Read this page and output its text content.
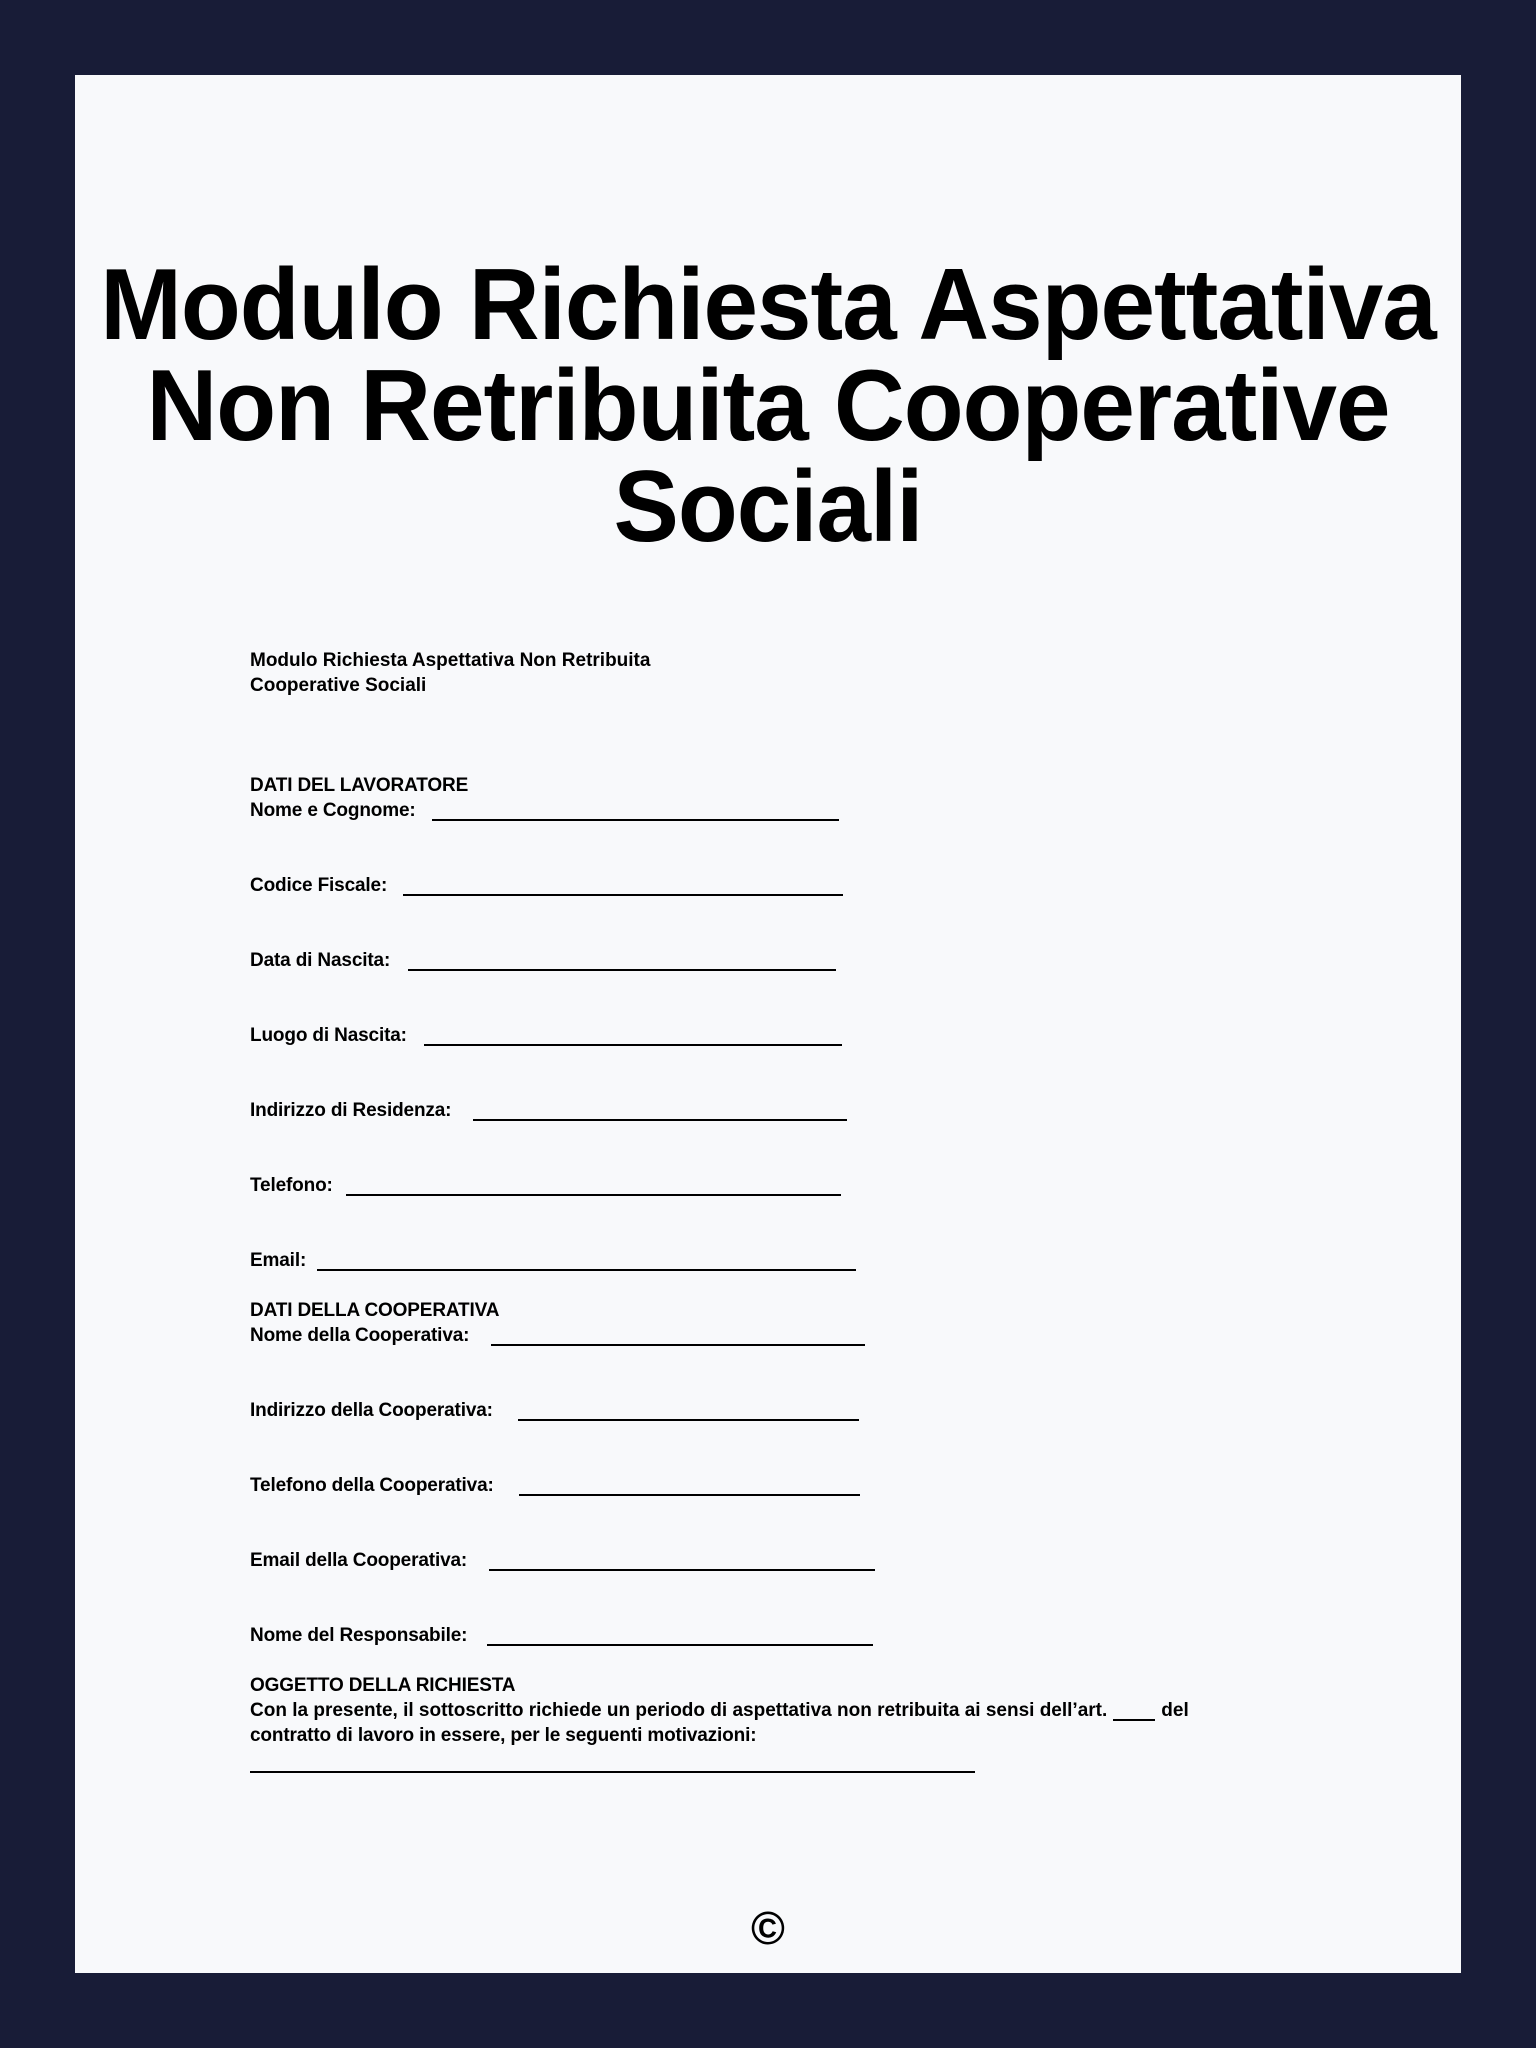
Modulo Richiesta Aspettativa
Non Retribuita Cooperative
Sociali
Modulo Richiesta Aspettativa Non Retribuita
Cooperative Sociali
DATI DEL LAVORATORE
Nome e Cognome:
Codice Fiscale:
Data di Nascita:
Luogo di Nascita:
Indirizzo di Residenza:
Telefono:
Email:
DATI DELLA COOPERATIVA
Nome della Cooperativa:
Indirizzo della Cooperativa:
Telefono della Cooperativa:
Email della Cooperativa:
Nome del Responsabile:
OGGETTO DELLA RICHIESTA
Con la presente, il sottoscritto richiede un periodo di aspettativa non retribuita ai sensi dell’art.	del
contratto di lavoro in essere, per le seguenti motivazioni:
©
